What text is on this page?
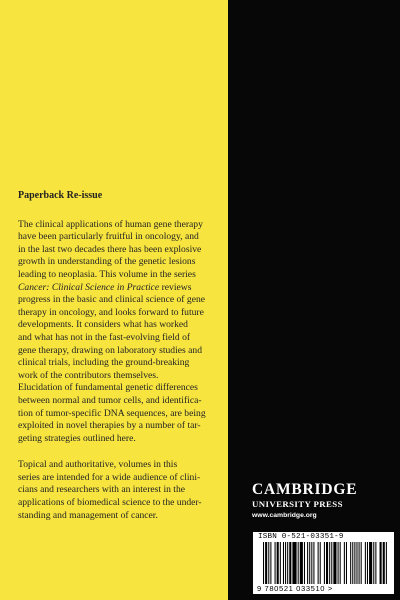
Paperback Re-issue

The clinical applications of human gene therapy

have been particularly fruitful in oncology, and

in the last two decades there has been explosive

growth in understanding of the genetic lesions

leading to neoplasia. This volume in the series

Cancer: Clinical Science in Practice reviews

progress in the basic and clinical science of gene

therapy in oncology, and looks forward to future

developments. It considers what has worked

and what has not in the fast-evolving field of

gene therapy, drawing on laboratory studies and

clinical trials, including the ground-breaking

work of the contributors themselves.

Elucidation of fundamental genetic differences

between normal and tumor cells, and identifica-

tion of tumor-specific DNA sequences, are being

exploited in novel therapies by a number of tar-

geting strategies outlined here.

Topical and authoritative, volumes in this

series are intended for a wide audience of clini-

cians and researchers with an interest in the

applications of biomedical science to the under-

standing and management of cancer.

CAMBRIDGE
UNIVERSITY PRESS
www.cambridge.org
ISBN 0-521-03351-9
9 780521 033510 >
